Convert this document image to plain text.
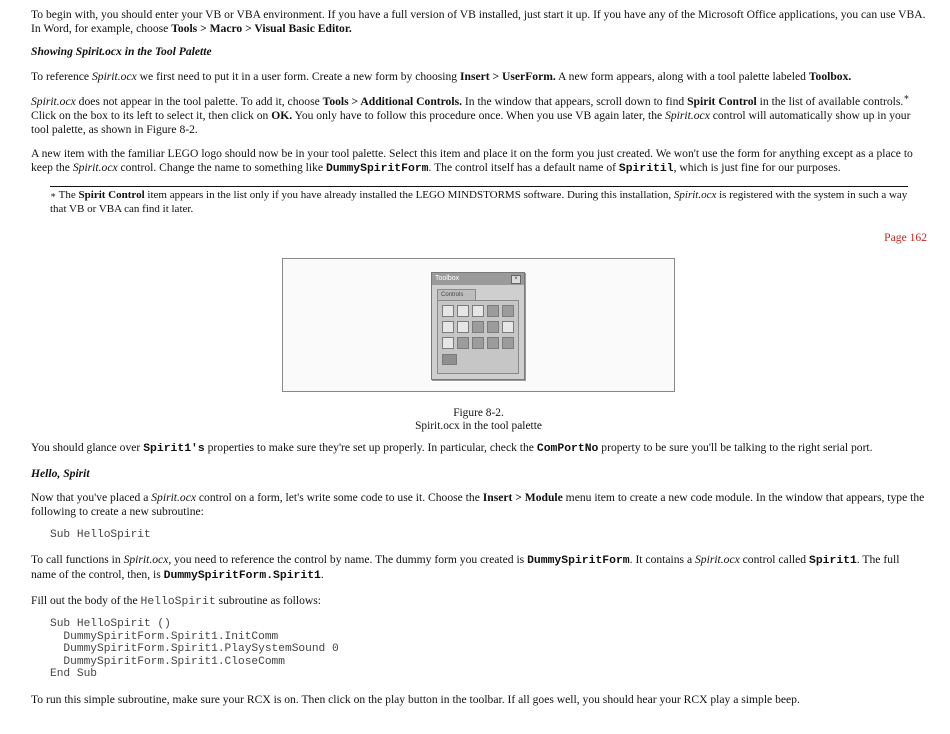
To begin with, you should enter your VB or VBA environment. If you have a full version of VB installed, just start it up. If you have any of the Microsoft Office applications, you can use VBA. In Word, for example, choose Tools > Macro > Visual Basic Editor.

Showing Spirit.ocx in the Tool Palette

To reference Spirit.ocx we first need to put it in a user form. Create a new form by choosing Insert > UserForm. A new form appears, along with a tool palette labeled Toolbox.

Spirit.ocx does not appear in the tool palette. To add it, choose Tools > Additional Controls. In the window that appears, scroll down to find Spirit Control in the list of available controls.∗ Click on the box to its left to select it, then click on OK. You only have to follow this procedure once. When you use VB again later, the Spirit.ocx control will automatically show up in your tool palette, as shown in Figure 8-2.

A new item with the familiar LEGO logo should now be in your tool palette. Select this item and place it on the form you just created. We won't use the form for anything except as a place to keep the Spirit.ocx control. Change the name to something like DummySpiritForm. The control itself has a default name of Spiritil, which is just fine for our purposes.

∗ The Spirit Control item appears in the list only if you have already installed the LEGO MINDSTORMS software. During this installation, Spirit.ocx is registered with the system in such a way that VB or VBA can find it later.

Page 162
Toolbox	×
Controls
Figure 8-2.
Spirit.ocx in the tool palette

You should glance over Spirit1's properties to make sure they're set up properly. In particular, check the ComPortNo property to be sure you'll be talking to the right serial port.

Hello, Spirit

Now that you've placed a Spirit.ocx control on a form, let's write some code to use it. Choose the Insert > Module menu item to create a new code module. In the window that appears, type the following to create a new subroutine:

Sub HelloSpirit

To call functions in Spirit.ocx, you need to reference the control by name. The dummy form you created is DummySpiritForm. It contains a Spirit.ocx control called Spirit1. The full name of the control, then, is DummySpiritForm.Spirit1.

Fill out the body of the HelloSpirit subroutine as follows:

Sub HelloSpirit ()
DummySpiritForm.Spirit1.InitComm
DummySpiritForm.Spirit1.PlaySystemSound 0
DummySpiritForm.Spirit1.CloseComm
End Sub

To run this simple subroutine, make sure your RCX is on. Then click on the play button in the toolbar. If all goes well, you should hear your RCX play a simple beep.
